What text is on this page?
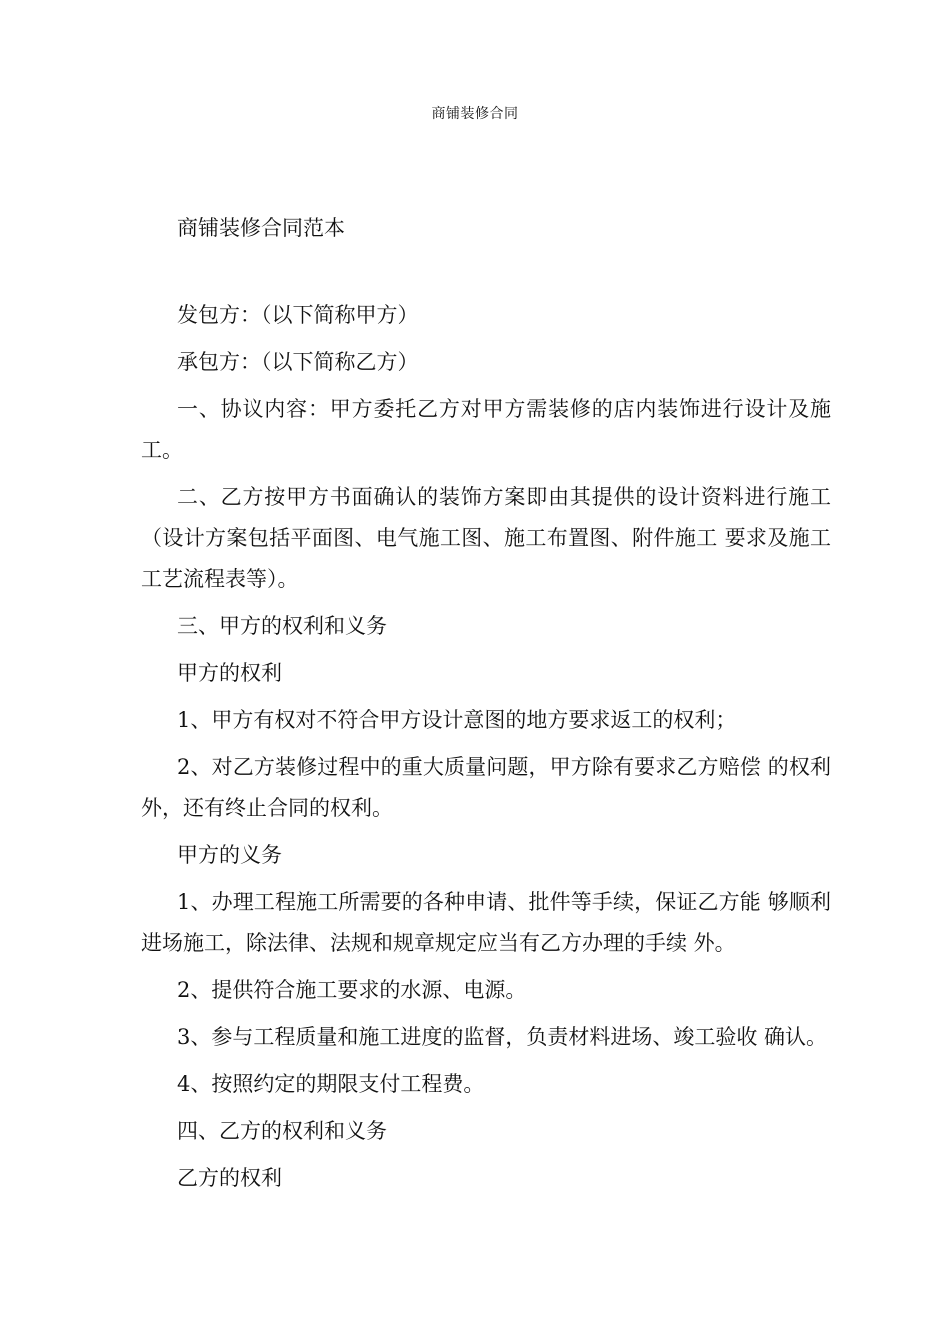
商铺装修合同

商铺装修合同范本

发包方：（以下简称甲方）

承包方：（以下简称乙方）

一、协议内容：甲方委托乙方对甲方需装修的店内装饰进行设计及施工。

二、乙方按甲方书面确认的装饰方案即由其提供的设计资料进行施工（设计方案包括平面图、电气施工图、施工布置图、附件施工 要求及施工工艺流程表等）。

三、甲方的权利和义务

甲方的权利

1、甲方有权对不符合甲方设计意图的地方要求返工的权利；

2、对乙方装修过程中的重大质量问题，甲方除有要求乙方赔偿 的权利外，还有终止合同的权利。

甲方的义务

1、办理工程施工所需要的各种申请、批件等手续，保证乙方能 够顺利进场施工，除法律、法规和规章规定应当有乙方办理的手续 外。

2、提供符合施工要求的水源、电源。

3、参与工程质量和施工进度的监督，负责材料进场、竣工验收 确认。

4、按照约定的期限支付工程费。

四、乙方的权利和义务

乙方的权利
